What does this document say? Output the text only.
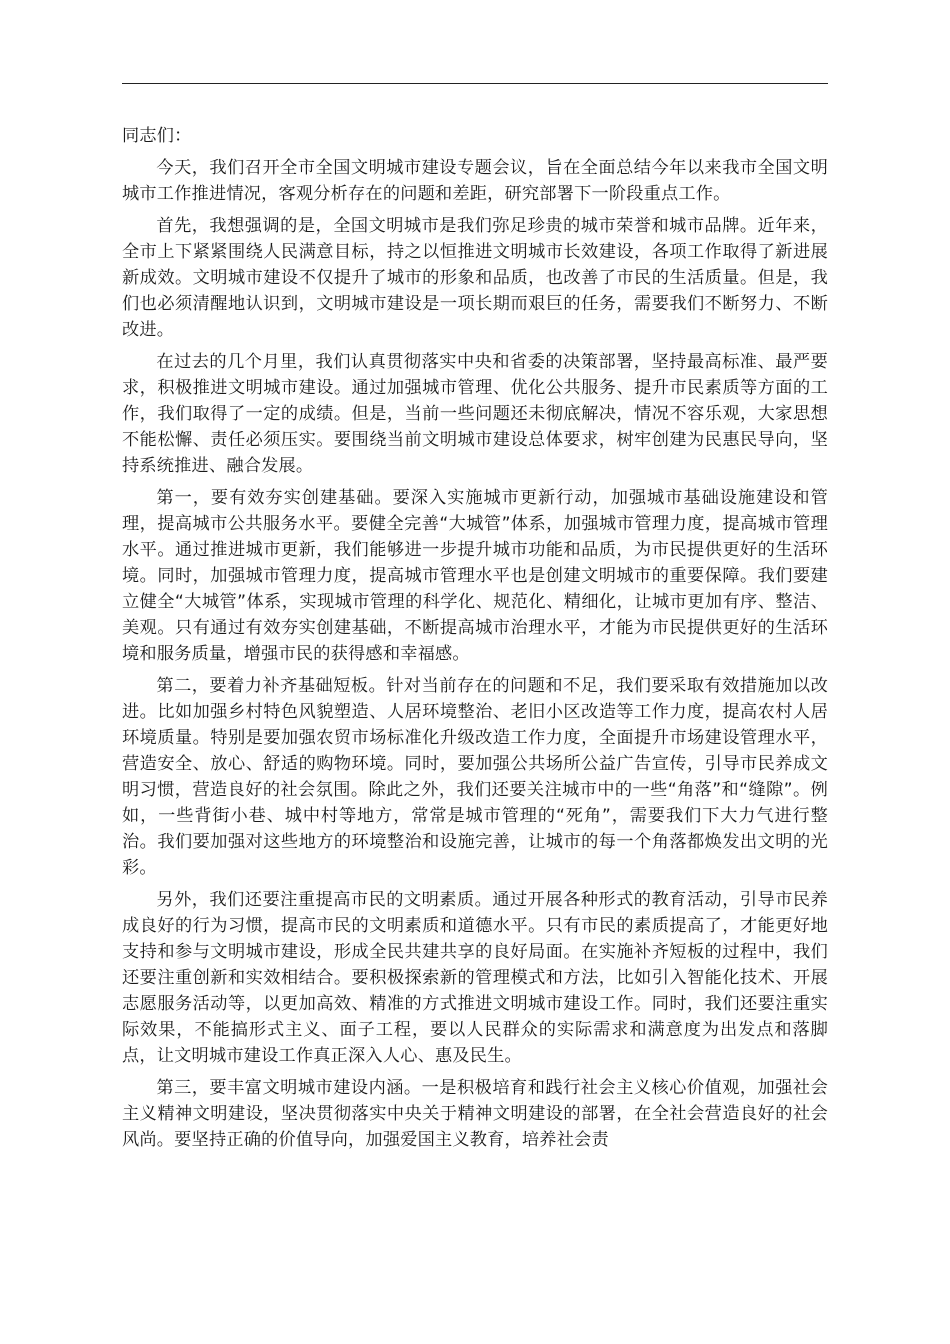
同志们：

今天，我们召开全市全国文明城市建设专题会议，旨在全面总结今年以来我市全国文明城市工作推进情况，客观分析存在的问题和差距，研究部署下一阶段重点工作。

首先，我想强调的是，全国文明城市是我们弥足珍贵的城市荣誉和城市品牌。近年来，全市上下紧紧围绕人民满意目标，持之以恒推进文明城市长效建设，各项工作取得了新进展新成效。文明城市建设不仅提升了城市的形象和品质，也改善了市民的生活质量。但是，我们也必须清醒地认识到，文明城市建设是一项长期而艰巨的任务，需要我们不断努力、不断改进。

在过去的几个月里，我们认真贯彻落实中央和省委的决策部署，坚持最高标准、最严要求，积极推进文明城市建设。通过加强城市管理、优化公共服务、提升市民素质等方面的工作，我们取得了一定的成绩。但是，当前一些问题还未彻底解决，情况不容乐观，大家思想不能松懈、责任必须压实。要围绕当前文明城市建设总体要求，树牢创建为民惠民导向，坚持系统推进、融合发展。

第一，要有效夯实创建基础。要深入实施城市更新行动，加强城市基础设施建设和管理，提高城市公共服务水平。要健全完善“大城管”体系，加强城市管理力度，提高城市管理水平。通过推进城市更新，我们能够进一步提升城市功能和品质，为市民提供更好的生活环境。同时，加强城市管理力度，提高城市管理水平也是创建文明城市的重要保障。我们要建立健全“大城管”体系，实现城市管理的科学化、规范化、精细化，让城市更加有序、整洁、美观。只有通过有效夯实创建基础，不断提高城市治理水平，才能为市民提供更好的生活环境和服务质量，增强市民的获得感和幸福感。

第二，要着力补齐基础短板。针对当前存在的问题和不足，我们要采取有效措施加以改进。比如加强乡村特色风貌塑造、人居环境整治、老旧小区改造等工作力度，提高农村人居环境质量。特别是要加强农贸市场标准化升级改造工作力度，全面提升市场建设管理水平，营造安全、放心、舒适的购物环境。同时，要加强公共场所公益广告宣传，引导市民养成文明习惯，营造良好的社会氛围。除此之外，我们还要关注城市中的一些“角落”和“缝隙”。例如，一些背街小巷、城中村等地方，常常是城市管理的“死角”，需要我们下大力气进行整治。我们要加强对这些地方的环境整治和设施完善，让城市的每一个角落都焕发出文明的光彩。

另外，我们还要注重提高市民的文明素质。通过开展各种形式的教育活动，引导市民养成良好的行为习惯，提高市民的文明素质和道德水平。只有市民的素质提高了，才能更好地支持和参与文明城市建设，形成全民共建共享的良好局面。在实施补齐短板的过程中，我们还要注重创新和实效相结合。要积极探索新的管理模式和方法，比如引入智能化技术、开展志愿服务活动等，以更加高效、精准的方式推进文明城市建设工作。同时，我们还要注重实际效果，不能搞形式主义、面子工程，要以人民群众的实际需求和满意度为出发点和落脚点，让文明城市建设工作真正深入人心、惠及民生。

第三，要丰富文明城市建设内涵。一是积极培育和践行社会主义核心价值观，加强社会主义精神文明建设，坚决贯彻落实中央关于精神文明建设的部署，在全社会营造良好的社会风尚。要坚持正确的价值导向，加强爱国主义教育，培养社会责
